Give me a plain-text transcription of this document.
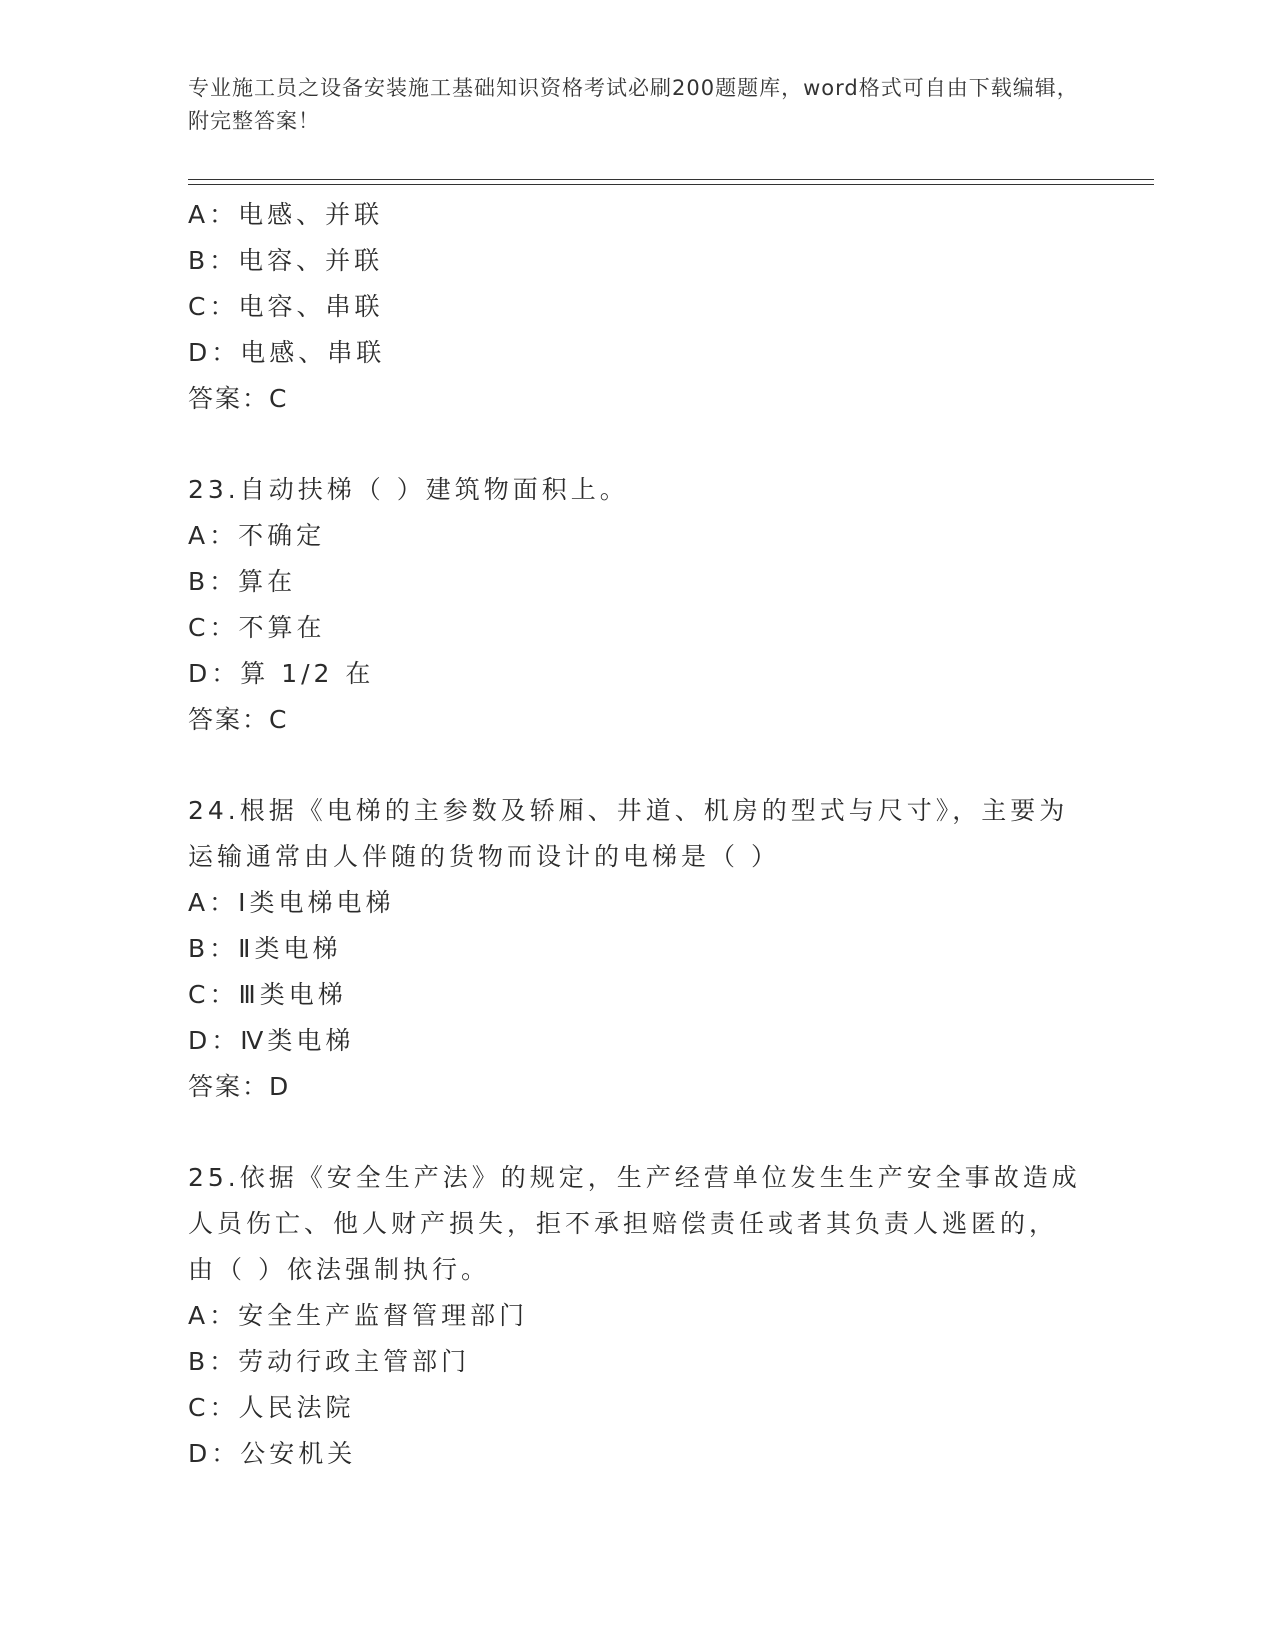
专业施工员之设备安装施工基础知识资格考试必刷200题题库，word格式可自由下载编辑，附完整答案！
A：电感、并联
B：电容、并联
C：电容、串联
D：电感、串联
答案：C
23.自动扶梯（ ）建筑物面积上。
A：不确定
B：算在
C：不算在
D：算 1/2 在
答案：C
24.根据《电梯的主参数及轿厢、井道、机房的型式与尺寸》，主要为
运输通常由人伴随的货物而设计的电梯是（ ）
A：Ⅰ类电梯电梯
B：Ⅱ类电梯
C：Ⅲ类电梯
D：Ⅳ类电梯
答案：D
25.依据《安全生产法》的规定，生产经营单位发生生产安全事故造成
人员伤亡、他人财产损失，拒不承担赔偿责任或者其负责人逃匿的，
由（ ）依法强制执行。
A：安全生产监督管理部门
B：劳动行政主管部门
C：人民法院
D：公安机关
